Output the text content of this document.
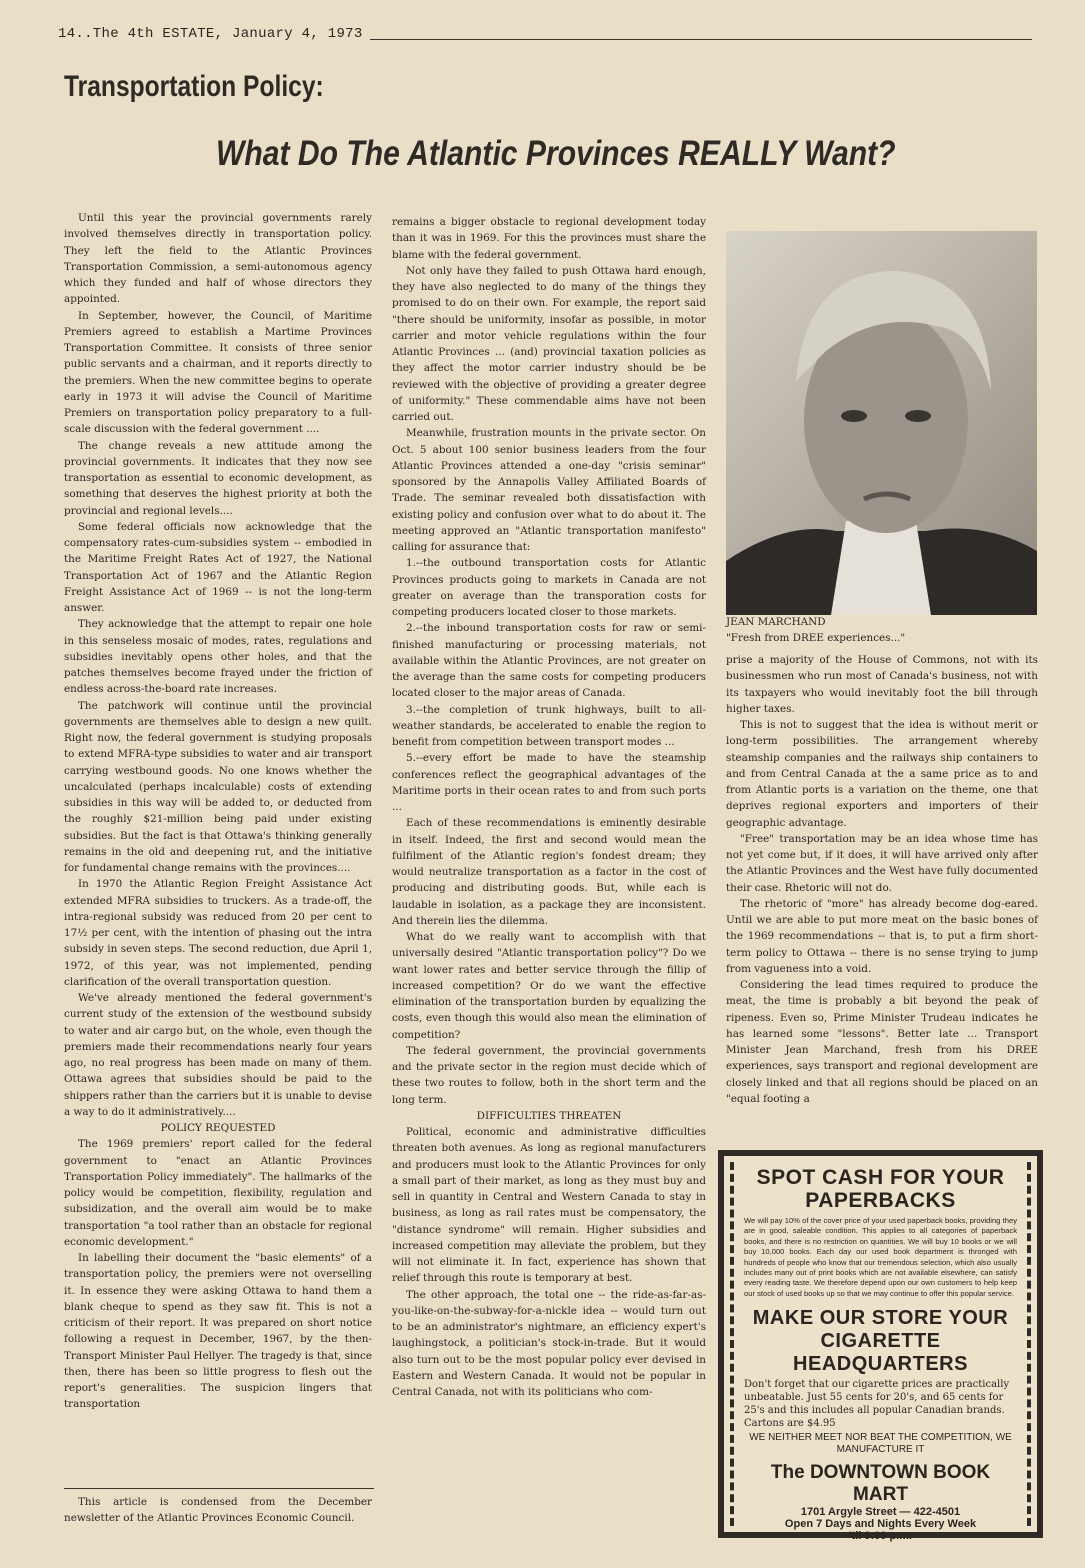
14..The 4th ESTATE, January 4, 1973
Transportation Policy:
What Do The Atlantic Provinces REALLY Want?

Until this year the provincial governments rarely involved themselves directly in transportation policy. They left the field to the Atlantic Provinces Transportation Commission, a semi-autonomous agency which they funded and half of whose directors they appointed.

In September, however, the Council, of Maritime Premiers agreed to establish a Martime Provinces Transportation Committee. It consists of three senior public servants and a chairman, and it reports directly to the premiers. When the new committee begins to operate early in 1973 it will advise the Council of Maritime Premiers on transportation policy preparatory to a full-scale discussion with the federal government ....

The change reveals a new attitude among the provincial governments. It indicates that they now see transportation as essential to economic development, as something that deserves the highest priority at both the provincial and regional levels....

Some federal officials now acknowledge that the compensatory rates-cum-subsidies system -- embodied in the Maritime Freight Rates Act of 1927, the National Transportation Act of 1967 and the Atlantic Region Freight Assistance Act of 1969 -- is not the long-term answer.

They acknowledge that the attempt to repair one hole in this senseless mosaic of modes, rates, regulations and subsidies inevitably opens other holes, and that the patches themselves become frayed under the friction of endless across-the-board rate increases.

The patchwork will continue until the provincial governments are themselves able to design a new quilt. Right now, the federal government is studying proposals to extend MFRA-type subsidies to water and air transport carrying westbound goods. No one knows whether the uncalculated (perhaps incalculable) costs of extending subsidies in this way will be added to, or deducted from the roughly $21-million being paid under existing subsidies. But the fact is that Ottawa's thinking generally remains in the old and deepening rut, and the initiative for fundamental change remains with the provinces....

In 1970 the Atlantic Region Freight Assistance Act extended MFRA subsidies to truckers. As a trade-off, the intra-regional subsidy was reduced from 20 per cent to 17½ per cent, with the intention of phasing out the intra subsidy in seven steps. The second reduction, due April 1, 1972, of this year, was not implemented, pending clarification of the overall transportation question.

We've already mentioned the federal government's current study of the extension of the westbound subsidy to water and air cargo but, on the whole, even though the premiers made their recommendations nearly four years ago, no real progress has been made on many of them. Ottawa agrees that subsidies should be paid to the shippers rather than the carriers but it is unable to devise a way to do it administratively....

POLICY REQUESTED

The 1969 premiers' report called for the federal government to "enact an Atlantic Provinces Transportation Policy immediately". The hallmarks of the policy would be competition, flexibility, regulation and subsidization, and the overall aim would be to make transportation "a tool rather than an obstacle for regional economic development."

In labelling their document the "basic elements" of a transportation policy, the premiers were not overselling it. In essence they were asking Ottawa to hand them a blank cheque to spend as they saw fit. This is not a criticism of their report. It was prepared on short notice following a request in December, 1967, by the then-Transport Minister Paul Hellyer. The tragedy is that, since then, there has been so little progress to flesh out the report's generalities. The suspicion lingers that transportation

This article is condensed from the December newsletter of the Atlantic Provinces Economic Council.

remains a bigger obstacle to regional development today than it was in 1969. For this the provinces must share the blame with the federal government.

Not only have they failed to push Ottawa hard enough, they have also neglected to do many of the things they promised to do on their own. For example, the report said "there should be uniformity, insofar as possible, in motor carrier and motor vehicle regulations within the four Atlantic Provinces ... (and) provincial taxation policies as they affect the motor carrier industry should be be reviewed with the objective of providing a greater degree of uniformity." These commendable aims have not been carried out.

Meanwhile, frustration mounts in the private sector. On Oct. 5 about 100 senior business leaders from the four Atlantic Provinces attended a one-day "crisis seminar" sponsored by the Annapolis Valley Affiliated Boards of Trade. The seminar revealed both dissatisfaction with existing policy and confusion over what to do about it. The meeting approved an "Atlantic transportation manifesto" calling for assurance that:

1.--the outbound transportation costs for Atlantic Provinces products going to markets in Canada are not greater on average than the transporation costs for competing producers located closer to those markets.

2.--the inbound transportation costs for raw or semi-finished manufacturing or processing materials, not available within the Atlantic Provinces, are not greater on the average than the same costs for competing producers located closer to the major areas of Canada.

3.--the completion of trunk highways, built to all-weather standards, be accelerated to enable the region to benefit from competition between transport modes ...

5.--every effort be made to have the steamship conferences reflect the geographical advantages of the Maritime ports in their ocean rates to and from such ports ...

Each of these recommendations is eminently desirable in itself. Indeed, the first and second would mean the fulfilment of the Atlantic region's fondest dream; they would neutralize transportation as a factor in the cost of producing and distributing goods. But, while each is laudable in isolation, as a package they are inconsistent. And therein lies the dilemma.

What do we really want to accomplish with that universally desired "Atlantic transportation policy"? Do we want lower rates and better service through the fillip of increased competition? Or do we want the effective elimination of the transportation burden by equalizing the costs, even though this would also mean the elimination of competition?

The federal government, the provincial governments and the private sector in the region must decide which of these two routes to follow, both in the short term and the long term.

DIFFICULTIES THREATEN

Political, economic and administrative difficulties threaten both avenues. As long as regional manufacturers and producers must look to the Atlantic Provinces for only a small part of their market, as long as they must buy and sell in quantity in Central and Western Canada to stay in business, as long as rail rates must be compensatory, the "distance syndrome" will remain. Higher subsidies and increased competition may alleviate the problem, but they will not eliminate it. In fact, experience has shown that relief through this route is temporary at best.

The other approach, the total one -- the ride-as-far-as-you-like-on-the-subway-for-a-nickle idea -- would turn out to be an administrator's nightmare, an efficiency expert's laughingstock, a politician's stock-in-trade. But it would also turn out to be the most popular policy ever devised in Eastern and Western Canada. It would not be popular in Central Canada, not with its politicians who com-

JEAN MARCHAND
"Fresh from DREE experiences..."

prise a majority of the House of Commons, not with its businessmen who run most of Canada's business, not with its taxpayers who would inevitably foot the bill through higher taxes.

This is not to suggest that the idea is without merit or long-term possibilities. The arrangement whereby steamship companies and the railways ship containers to and from Central Canada at the a same price as to and from Atlantic ports is a variation on the theme, one that deprives regional exporters and importers of their geographic advantage.

"Free" transportation may be an idea whose time has not yet come but, if it does, it will have arrived only after the Atlantic Provinces and the West have fully documented their case. Rhetoric will not do.

The rhetoric of "more" has already become dog-eared. Until we are able to put more meat on the basic bones of the 1969 recommendations -- that is, to put a firm short-term policy to Ottawa -- there is no sense trying to jump from vagueness into a void.

Considering the lead times required to produce the meat, the time is probably a bit beyond the peak of ripeness. Even so, Prime Minister Trudeau indicates he has learned some "lessons". Better late ... Transport Minister Jean Marchand, fresh from his DREE experiences, says transport and regional development are closely linked and that all regions should be placed on an "equal footing a

SPOT CASH FOR YOUR PAPERBACKS
We will pay 10% of the cover price of your used paperback books, providing they are in good, saleable condition. This applies to all categories of paperback books, and there is no restriction on quantities. We will buy 10 books or we will buy 10,000 books. Each day our used book department is thronged with hundreds of people who know that our tremendous selection, which also usually includes many out of print books which are not available elsewhere, can satisfy every reading taste. We therefore depend upon our own customers to help keep our stock of used books up so that we may continue to offer this popular service.
MAKE OUR STORE YOUR CIGARETTE HEADQUARTERS
Don't forget that our cigarette prices are practically unbeatable. Just 55 cents for 20's, and 65 cents for 25's and this includes all popular Canadian brands. Cartons are $4.95
WE NEITHER MEET NOR BEAT THE COMPETITION, WE MANUFACTURE IT
The DOWNTOWN BOOK MART
1701 Argyle Street — 422-4501
Open 7 Days and Nights Every Week
'til 9:00 p.m.
